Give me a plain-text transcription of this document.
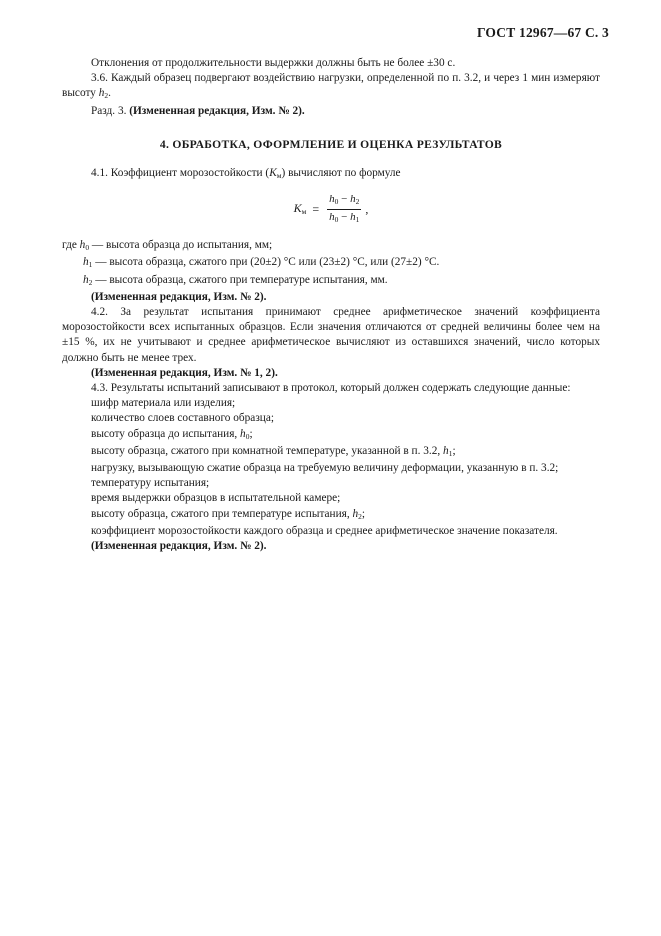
ГОСТ 12967—67 С. 3

Отклонения от продолжительности выдержки должны быть не более ±30 с.

3.6. Каждый образец подвергают воздействию нагрузки, определенной по п. 3.2, и через 1 мин измеряют высоту $h_2$.

Разд. 3. (Измененная редакция, Изм. № 2).

4. ОБРАБОТКА, ОФОРМЛЕНИЕ И ОЦЕНКА РЕЗУЛЬТАТОВ

4.1. Коэффициент морозостойкости $(K_м)$ вычисляют по формуле

$K_м = \frac{h_0 - h_2}{h_0 - h_1}$ ,

где $h_0$ — высота образца до испытания, мм;

$h_1$ — высота образца, сжатого при (20±2) °С или (23±2) °С, или (27±2) °С.

$h_2$ — высота образца, сжатого при температуре испытания, мм.

(Измененная редакция, Изм. № 2).

4.2. За результат испытания принимают среднее арифметическое значений коэффициента морозостойкости всех испытанных образцов. Если значения отличаются от средней величины более чем на ±15 %, их не учитывают и среднее арифметическое вычисляют из оставшихся значений, число которых должно быть не менее трех.

(Измененная редакция, Изм. № 1, 2).

4.3. Результаты испытаний записывают в протокол, который должен содержать следующие данные:

шифр материала или изделия;

количество слоев составного образца;

высоту образца до испытания, $h_0$;

высоту образца, сжатого при комнатной температуре, указанной в п. 3.2, $h_1$;

нагрузку, вызывающую сжатие образца на требуемую величину деформации, указанную в п. 3.2;

температуру испытания;

время выдержки образцов в испытательной камере;

высоту образца, сжатого при температуре испытания, $h_2$;

коэффициент морозостойкости каждого образца и среднее арифметическое значение показателя.

(Измененная редакция, Изм. № 2).
